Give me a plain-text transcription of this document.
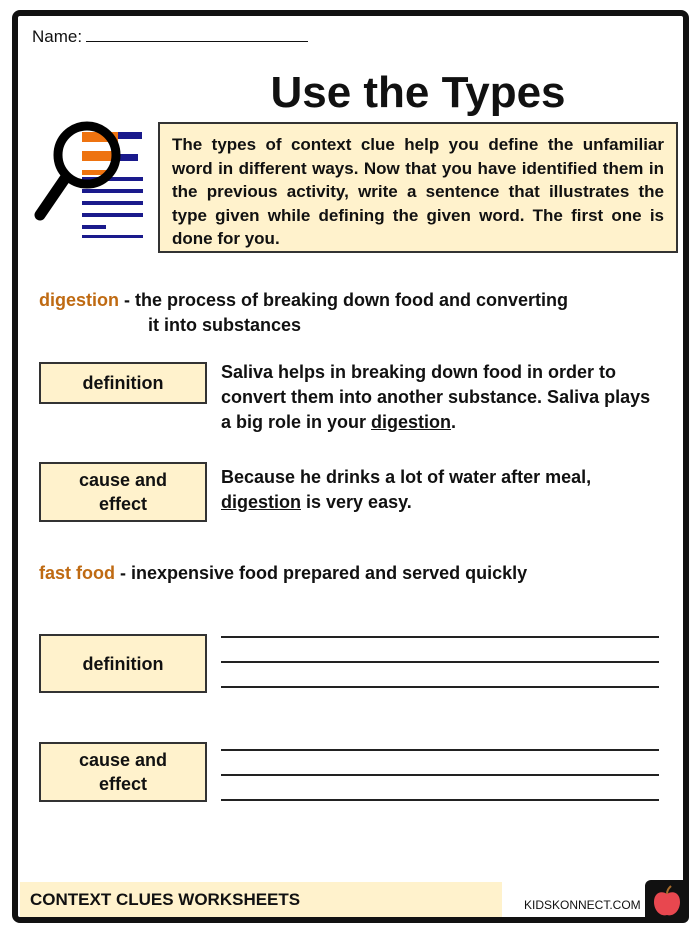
Name:
Use the Types
The types of context clue help you define the unfamiliar word in different ways. Now that you have identified them in the previous activity, write a sentence that illustrates the type given while defining the given word. The first one is done for you.
digestion - the process of breaking down food and converting
it into substances
definition
Saliva helps in breaking down food in order to convert them into another substance. Saliva plays a big role in your digestion.
cause and
effect
Because he drinks a lot of water after meal, digestion is very easy.
fast food - inexpensive food prepared and served quickly
definition
cause and
effect
CONTEXT CLUES WORKSHEETS	KIDSKONNECT.COM
